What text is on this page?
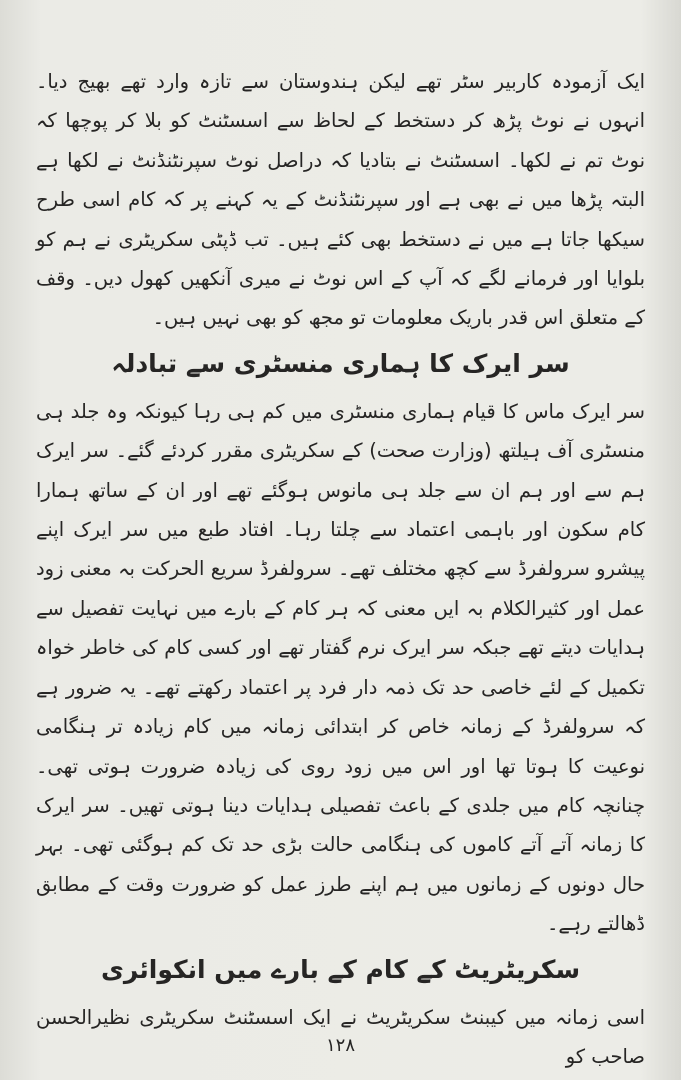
ایک آزمودہ کاربیر سٹر تھے لیکن ہندوستان سے تازہ وارد تھے بھیج دیا۔ انہوں نے نوٹ پڑھ کر دستخط کے لحاظ سے اسسٹنٹ کو بلا کر پوچھا کہ نوٹ تم نے لکھا۔ اسسٹنٹ نے بتادیا کہ دراصل نوٹ سپرنٹنڈنٹ نے لکھا ہے البتہ پڑھا میں نے بھی ہے اور سپرنٹنڈنٹ کے یہ کہنے پر کہ کام اسی طرح سیکھا جاتا ہے میں نے دستخط بھی کئے ہیں۔ تب ڈپٹی سکریٹری نے ہم کو بلوایا اور فرمانے لگے کہ آپ کے اس نوٹ نے میری آنکھیں کھول دیں۔ وقف کے متعلق اس قدر باریک معلومات تو مجھ کو بھی نہیں ہیں۔

سر ایرک کا ہماری منسٹری سے تبادلہ

سر ایرک ماس کا قیام ہماری منسٹری میں کم ہی رہا کیونکہ وہ جلد ہی منسٹری آف ہیلتھ (وزارت صحت) کے سکریٹری مقرر کردئے گئے۔ سر ایرک ہم سے اور ہم ان سے جلد ہی مانوس ہوگئے تھے اور ان کے ساتھ ہمارا کام سکون اور باہمی اعتماد سے چلتا رہا۔ افتاد طبع میں سر ایرک اپنے پیشرو سرولفرڈ سے کچھ مختلف تھے۔ سرولفرڈ سریع الحرکت بہ معنی زود عمل اور کثیرالکلام بہ ایں معنی کہ ہر کام کے بارے میں نہایت تفصیل سے ہدایات دیتے تھے جبکہ سر ایرک نرم گفتار تھے اور کسی کام کی خاطر خواہ تکمیل کے لئے خاصی حد تک ذمہ دار فرد پر اعتماد رکھتے تھے۔ یہ ضرور ہے کہ سرولفرڈ کے زمانہ خاص کر ابتدائی زمانہ میں کام زیادہ تر ہنگامی نوعیت کا ہوتا تھا اور اس میں زود روی کی زیادہ ضرورت ہوتی تھی۔ چنانچہ کام میں جلدی کے باعث تفصیلی ہدایات دینا ہوتی تھیں۔ سر ایرک کا زمانہ آتے آتے کاموں کی ہنگامی حالت بڑی حد تک کم ہوگئی تھی۔ بہر حال دونوں کے زمانوں میں ہم اپنے طرز عمل کو ضرورت وقت کے مطابق ڈھالتے رہے۔

سکریٹریٹ کے کام کے بارے میں انکوائری

اسی زمانہ میں کیبنٹ سکریٹریٹ نے ایک اسسٹنٹ سکریٹری نظیرالحسن صاحب کو

۱۲۸
